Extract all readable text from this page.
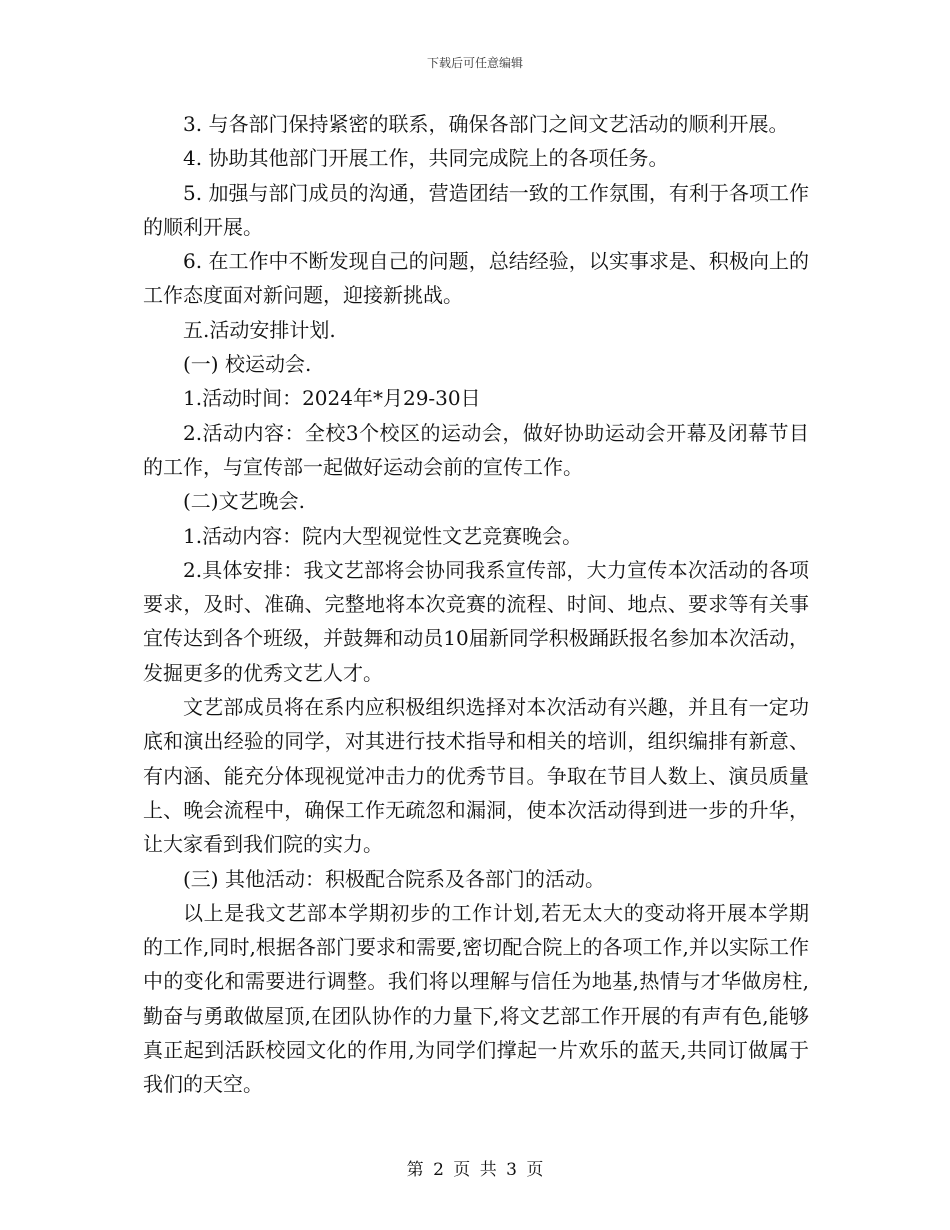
下载后可任意编辑

3. 与各部门保持紧密的联系，确保各部门之间文艺活动的顺利开展。

4. 协助其他部门开展工作，共同完成院上的各项任务。

5. 加强与部门成员的沟通，营造团结一致的工作氛围，有利于各项工作的顺利开展。

6. 在工作中不断发现自己的问题，总结经验，以实事求是、积极向上的工作态度面对新问题，迎接新挑战。

五.活动安排计划.

(一) 校运动会.

1.活动时间：2024年*月29-30日

2.活动内容：全校3个校区的运动会，做好协助运动会开幕及闭幕节目的工作，与宣传部一起做好运动会前的宣传工作。

(二)文艺晚会.

1.活动内容：院内大型视觉性文艺竞赛晚会。

2.具体安排：我文艺部将会协同我系宣传部，大力宣传本次活动的各项要求，及时、准确、完整地将本次竞赛的流程、时间、地点、要求等有关事宜传达到各个班级，并鼓舞和动员10届新同学积极踊跃报名参加本次活动，发掘更多的优秀文艺人才。

文艺部成员将在系内应积极组织选择对本次活动有兴趣，并且有一定功底和演出经验的同学，对其进行技术指导和相关的培训，组织编排有新意、有内涵、能充分体现视觉冲击力的优秀节目。争取在节目人数上、演员质量上、晚会流程中，确保工作无疏忽和漏洞，使本次活动得到进一步的升华，让大家看到我们院的实力。

(三) 其他活动：积极配合院系及各部门的活动。

以上是我文艺部本学期初步的工作计划,若无太大的变动将开展本学期的工作,同时,根据各部门要求和需要,密切配合院上的各项工作,并以实际工作中的变化和需要进行调整。我们将以理解与信任为地基,热情与才华做房柱,勤奋与勇敢做屋顶,在团队协作的力量下,将文艺部工作开展的有声有色,能够真正起到活跃校园文化的作用,为同学们撑起一片欢乐的蓝天,共同订做属于我们的天空。

第 2 页 共 3 页
